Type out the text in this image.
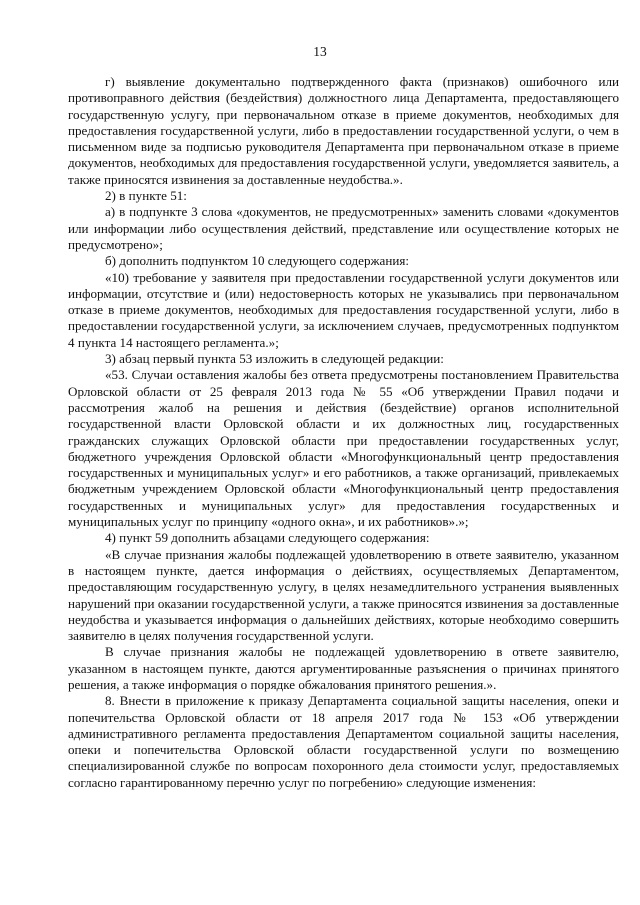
13

г) выявление документально подтвержденного факта (признаков) ошибочного или противоправного действия (бездействия) должностного лица Департамента, предоставляющего государственную услугу, при первоначальном отказе в приеме документов, необходимых для предоставления государственной услуги, либо в предоставлении государственной услуги, о чем в письменном виде за подписью руководителя Департамента при первоначальном отказе в приеме документов, необходимых для предоставления государственной услуги, уведомляется заявитель, а также приносятся извинения за доставленные неудобства.».

2) в пункте 51:

а) в подпункте 3 слова «документов, не предусмотренных» заменить словами «документов или информации либо осуществления действий, представление или осуществление которых не предусмотрено»;

б) дополнить подпунктом 10 следующего содержания:

«10) требование у заявителя при предоставлении государственной услуги документов или информации, отсутствие и (или) недостоверность которых не указывались при первоначальном отказе в приеме документов, необходимых для предоставления государственной услуги, либо в предоставлении государственной услуги, за исключением случаев, предусмотренных подпунктом 4 пункта 14 настоящего регламента.»;

3) абзац первый пункта 53 изложить в следующей редакции:

«53. Случаи оставления жалобы без ответа предусмотрены постановлением Правительства Орловской области от 25 февраля 2013 года № 55 «Об утверждении Правил подачи и рассмотрения жалоб на решения и действия (бездействие) органов исполнительной государственной власти Орловской области и их должностных лиц, государственных гражданских служащих Орловской области при предоставлении государственных услуг, бюджетного учреждения Орловской области «Многофункциональный центр предоставления государственных и муниципальных услуг» и его работников, а также организаций, привлекаемых бюджетным учреждением Орловской области «Многофункциональный центр предоставления государственных и муниципальных услуг» для предоставления государственных и муниципальных услуг по принципу «одного окна», и их работников».»;

4) пункт 59 дополнить абзацами следующего содержания:

«В случае признания жалобы подлежащей удовлетворению в ответе заявителю, указанном в настоящем пункте, дается информация о действиях, осуществляемых Департаментом, предоставляющим государственную услугу, в целях незамедлительного устранения выявленных нарушений при оказании государственной услуги, а также приносятся извинения за доставленные неудобства и указывается информация о дальнейших действиях, которые необходимо совершить заявителю в целях получения государственной услуги.

В случае признания жалобы не подлежащей удовлетворению в ответе заявителю, указанном в настоящем пункте, даются аргументированные разъяснения о причинах принятого решения, а также информация о порядке обжалования принятого решения.».

8. Внести в приложение к приказу Департамента социальной защиты населения, опеки и попечительства Орловской области от 18 апреля 2017 года № 153 «Об утверждении административного регламента предоставления Департаментом социальной защиты населения, опеки и попечительства Орловской области государственной услуги по возмещению специализированной службе по вопросам похоронного дела стоимости услуг, предоставляемых согласно гарантированному перечню услуг по погребению» следующие изменения:
